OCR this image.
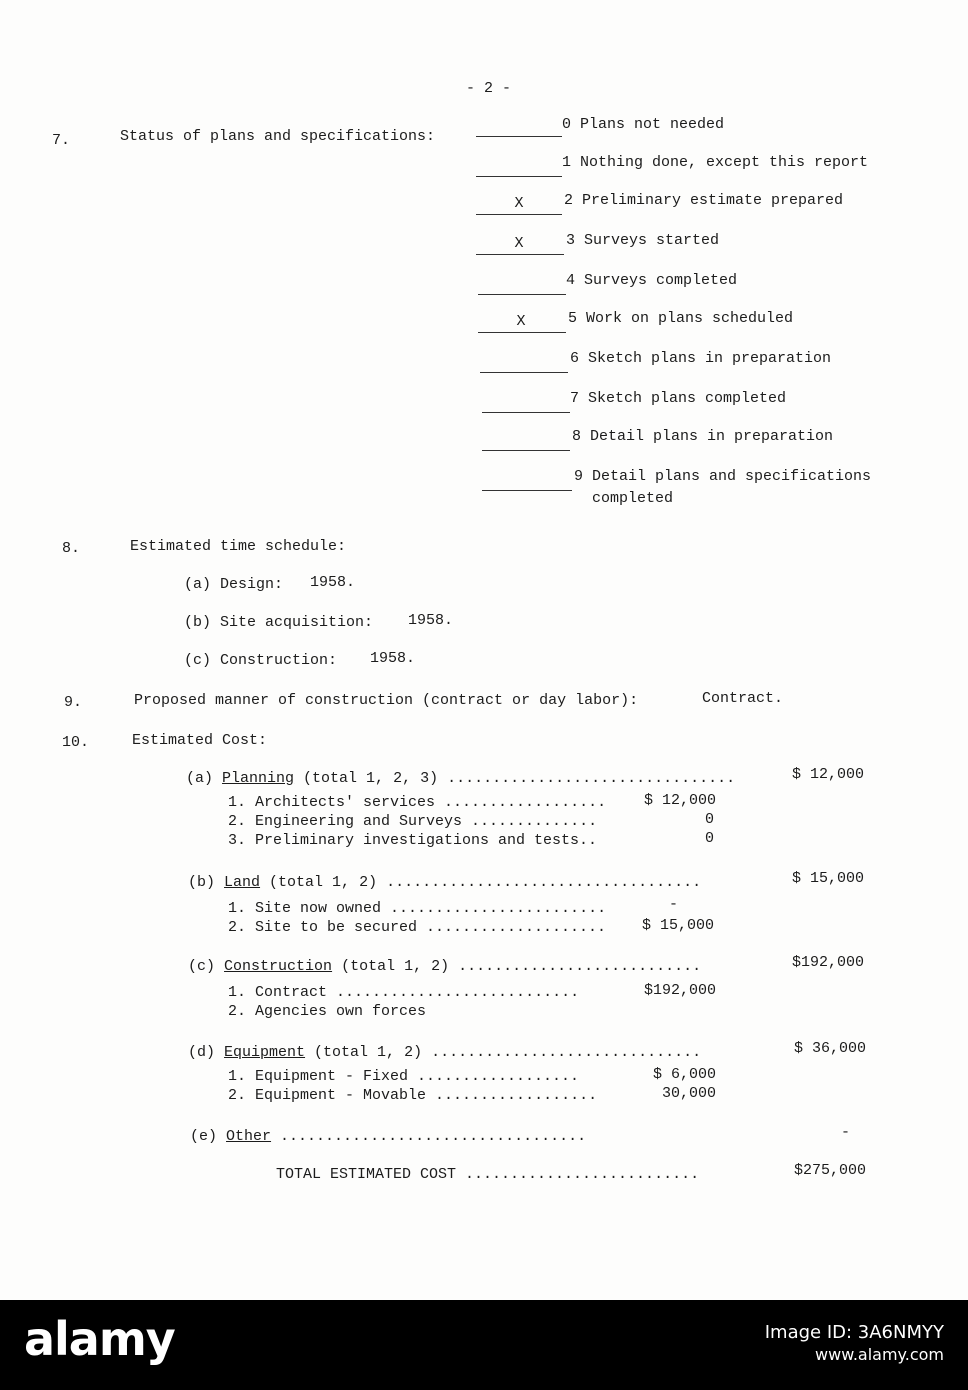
- 2 -
7.	Status of plans and specifications:
0 Plans not needed
1 Nothing done, except this report
X	2 Preliminary estimate prepared
X	3 Surveys started
4 Surveys completed
X	5 Work on plans scheduled
6 Sketch plans in preparation
7 Sketch plans completed
8 Detail plans in preparation
9 Detail plans and specifications
completed
8.	Estimated time schedule:
(a) Design: 1958.
(b) Site acquisition: 1958.
(c) Construction: 1958.
9.	Proposed manner of construction (contract or day labor):	Contract.
10.	Estimated Cost:
(a) Planning (total 1, 2, 3) ................................	$ 12,000
1. Architects' services ..................	$ 12,000
2. Engineering and Surveys ..............	0
3. Preliminary investigations and tests..	0
(b) Land (total 1, 2) ...................................	$ 15,000
1. Site now owned ........................	-
2. Site to be secured .................... $ 15,000
(c) Construction (total 1, 2) ...........................	$192,000
1. Contract ...........................	$192,000
2. Agencies own forces
(d) Equipment (total 1, 2) ..............................	$ 36,000
1. Equipment - Fixed ..................	$ 6,000
2. Equipment - Movable ..................	30,000
(e) Other ..................................	-
TOTAL ESTIMATED COST ..........................	$275,000
alamy	Image ID: 3A6NMYY
www.alamy.com
